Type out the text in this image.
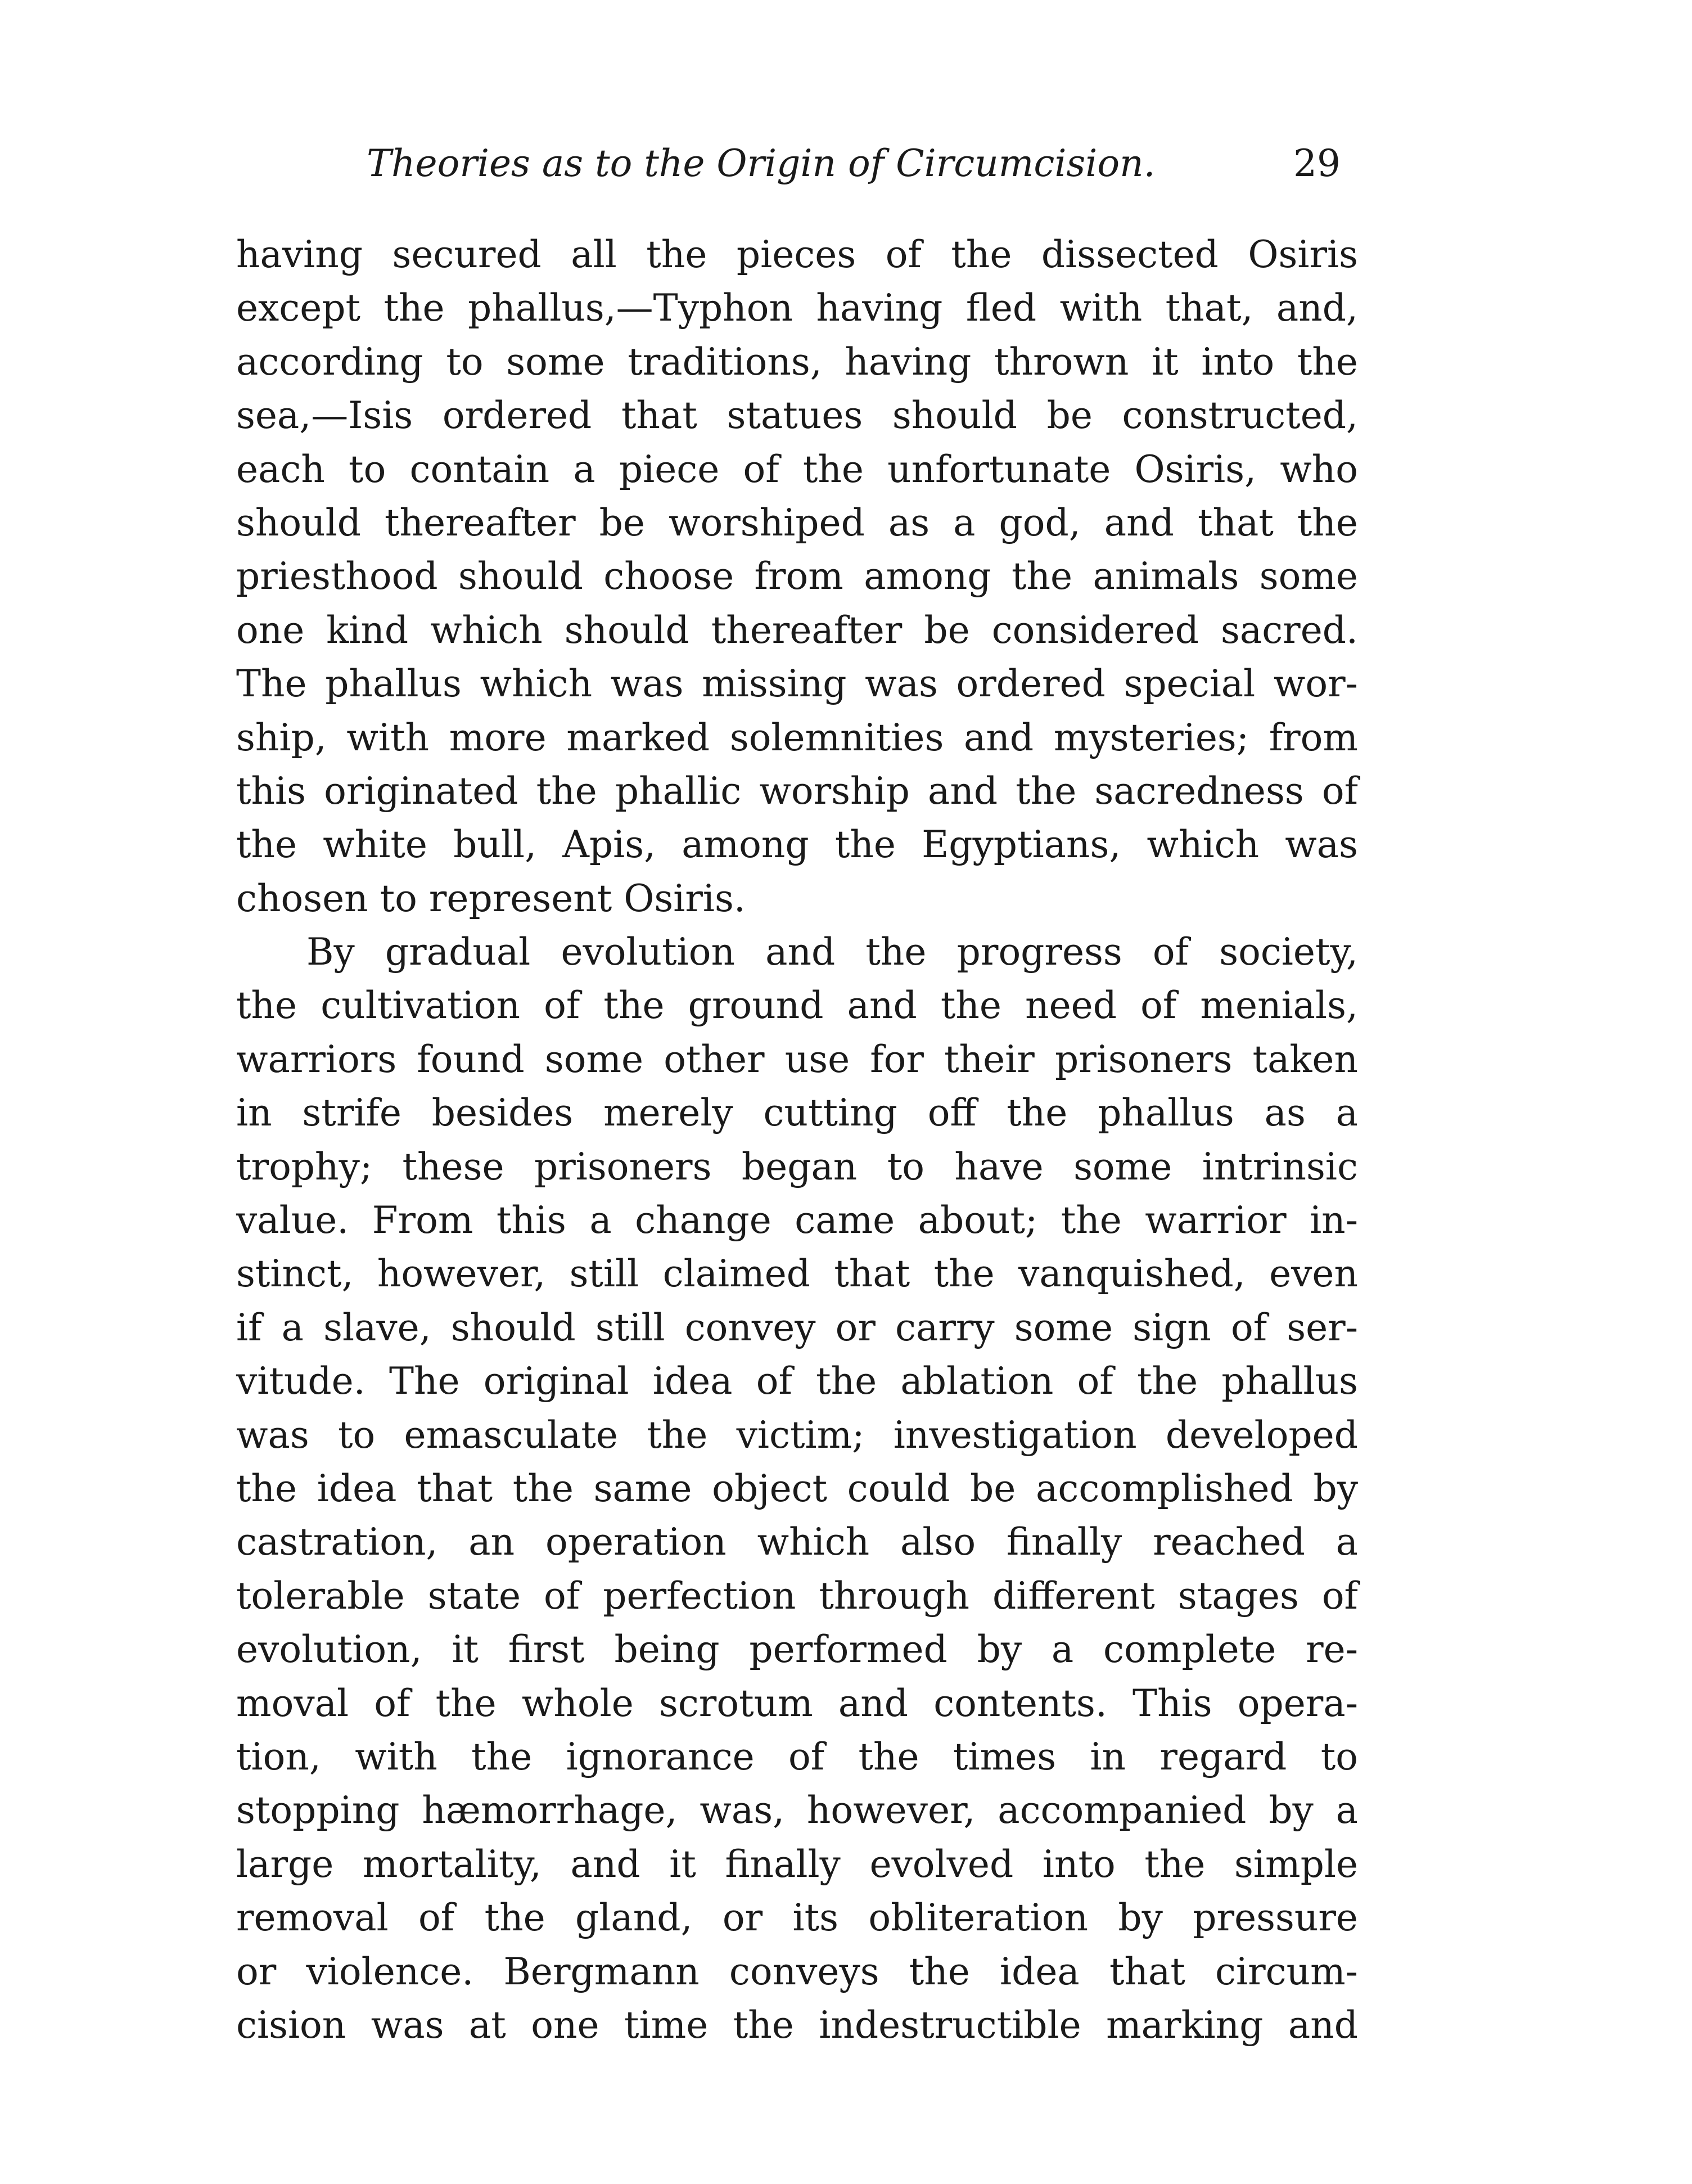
Theories as to the Origin of Circumcision.	29
having secured all the pieces of the dissected Osiris
except the phallus,—Typhon having fled with that, and,
according to some traditions, having thrown it into the
sea,—Isis ordered that statues should be constructed,
each to contain a piece of the unfortunate Osiris, who
should thereafter be worshiped as a god, and that the
priesthood should choose from among the animals some
one kind which should thereafter be considered sacred.
The phallus which was missing was ordered special wor-
ship, with more marked solemnities and mysteries; from
this originated the phallic worship and the sacredness of
the white bull, Apis, among the Egyptians, which was
chosen to represent Osiris.
By gradual evolution and the progress of society,
the cultivation of the ground and the need of menials,
warriors found some other use for their prisoners taken
in strife besides merely cutting off the phallus as a
trophy; these prisoners began to have some intrinsic
value. From this a change came about; the warrior in-
stinct, however, still claimed that the vanquished, even
if a slave, should still convey or carry some sign of ser-
vitude. The original idea of the ablation of the phallus
was to emasculate the victim; investigation developed
the idea that the same object could be accomplished by
castration, an operation which also finally reached a
tolerable state of perfection through different stages of
evolution, it first being performed by a complete re-
moval of the whole scrotum and contents. This opera-
tion, with the ignorance of the times in regard to
stopping hæmorrhage, was, however, accompanied by a
large mortality, and it finally evolved into the simple
removal of the gland, or its obliteration by pressure
or violence. Bergmann conveys the idea that circum-
cision was at one time the indestructible marking and
